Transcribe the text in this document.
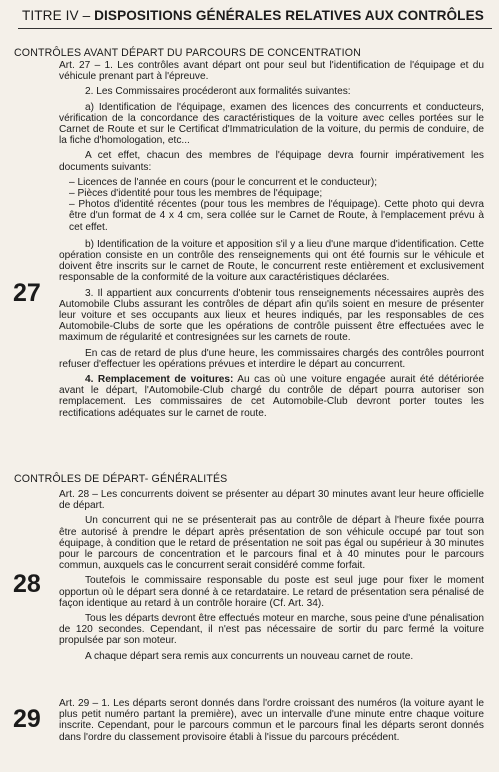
TITRE IV – DISPOSITIONS GÉNÉRALES RELATIVES AUX CONTRÔLES
CONTRÔLES AVANT DÉPART DU PARCOURS DE CONCENTRATION
27

Art. 27 – 1. Les contrôles avant départ ont pour seul but l'identification de l'équipage et du véhicule prenant part à l'épreuve.

2. Les Commissaires procéderont aux formalités suivantes:

a) Identification de l'équipage, examen des licences des concurrents et conducteurs, vérification de la concordance des caractéristiques de la voiture avec celles portées sur le Carnet de Route et sur le Certificat d'Immatriculation de la voiture, du permis de conduire, de la fiche d'homologation, etc...

A cet effet, chacun des membres de l'équipage devra fournir impérativement les documents suivants:

– Licences de l'année en cours (pour le concurrent et le conducteur);

– Pièces d'identité pour tous les membres de l'équipage;

– Photos d'identité récentes (pour tous les membres de l'équipage). Cette photo qui devra être d'un format de 4 x 4 cm, sera collée sur le Carnet de Route, à l'emplacement prévu à cet effet.

b) Identification de la voiture et apposition s'il y a lieu d'une marque d'identification. Cette opération consiste en un contrôle des renseignements qui ont été fournis sur le véhicule et doivent être inscrits sur le carnet de Route, le concurrent reste entièrement et exclusivement responsable de la conformité de la voiture aux caractéristiques déclarées.

3. Il appartient aux concurrents d'obtenir tous renseignements nécessaires auprès des Automobile Clubs assurant les contrôles de départ afin qu'ils soient en mesure de présenter leur voiture et ses occupants aux lieux et heures indiqués, par les responsables de ces Automobile-Clubs de sorte que les opérations de contrôle puissent être effectuées avec le maximum de régularité et contresignées sur les carnets de route.

En cas de retard de plus d'une heure, les commissaires chargés des contrôles pourront refuser d'effectuer les opérations prévues et interdire le départ au concurrent.

4. Remplacement de voitures: Au cas où une voiture engagée aurait été détériorée avant le départ, l'Automobile-Club chargé du contrôle de départ pourra autoriser son remplacement. Les commissaires de cet Automobile-Club devront porter toutes les rectifications adéquates sur le carnet de route.

CONTRÔLES DE DÉPART- GÉNÉRALITÉS
28

Art. 28 – Les concurrents doivent se présenter au départ 30 minutes avant leur heure officielle de départ.

Un concurrent qui ne se présenterait pas au contrôle de départ à l'heure fixée pourra être autorisé à prendre le départ après présentation de son véhicule occupé par tout son équipage, à condition que le retard de présentation ne soit pas égal ou supérieur à 30 minutes pour le parcours de concentration et le parcours final et à 40 minutes pour le parcours commun, auxquels cas le concurrent serait considéré comme forfait.

Toutefois le commissaire responsable du poste est seul juge pour fixer le moment opportun où le départ sera donné à ce retardataire. Le retard de présentation sera pénalisé de façon identique au retard à un contrôle horaire (Cf. Art. 34).

Tous les départs devront être effectués moteur en marche, sous peine d'une pénalisation de 120 secondes. Cependant, il n'est pas nécessaire de sortir du parc fermé la voiture propulsée par son moteur.

A chaque départ sera remis aux concurrents un nouveau carnet de route.

29

Art. 29 – 1. Les départs seront donnés dans l'ordre croissant des numéros (la voiture ayant le plus petit numéro partant la première), avec un intervalle d'une minute entre chaque voiture inscrite. Cependant, pour le parcours commun et le parcours final les départs seront donnés dans l'ordre du classement provisoire établi à l'issue du parcours précédent.
